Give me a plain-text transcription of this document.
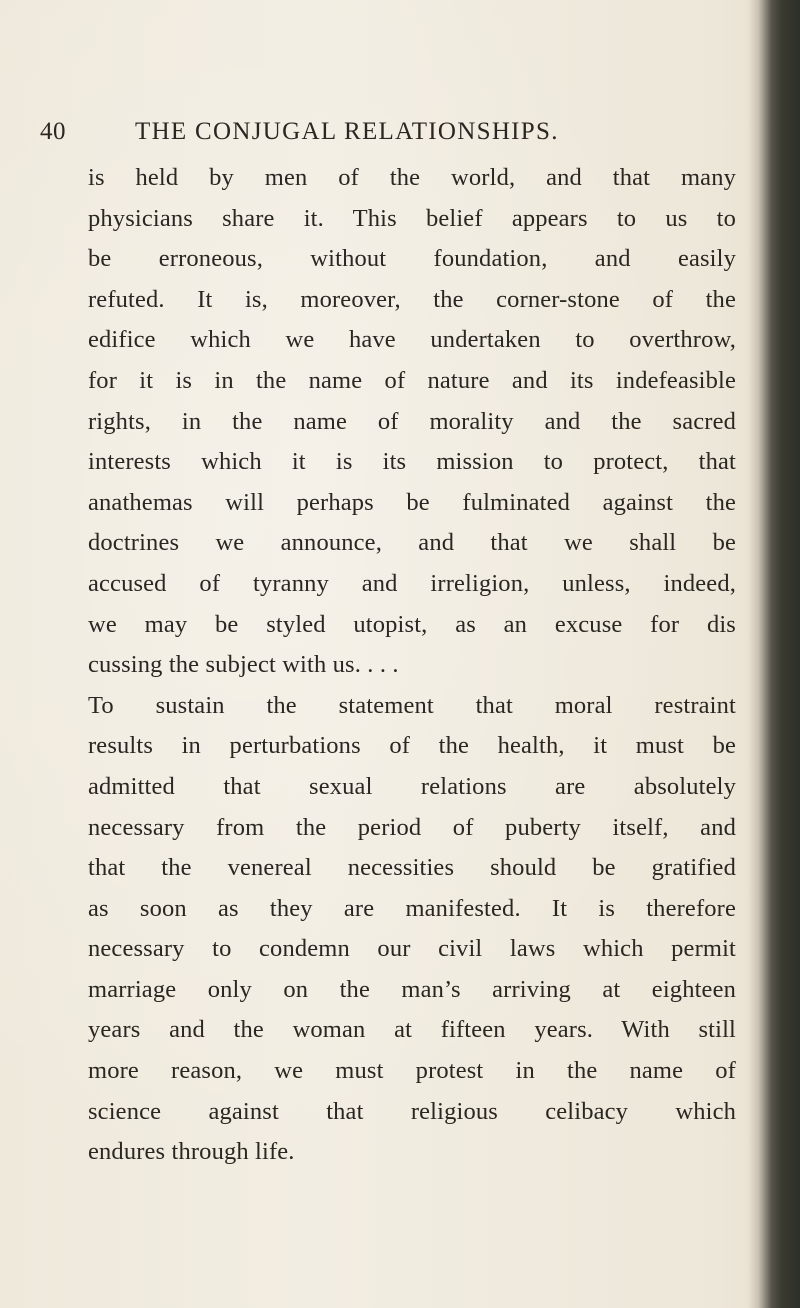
40	THE CONJUGAL RELATIONSHIPS.
is held by men of the world, and that many
physicians share it. This belief appears to us to
be erroneous, without foundation, and easily
refuted. It is, moreover, the corner-stone of the
edifice which we have undertaken to overthrow,
for it is in the name of nature and its indefeasible
rights, in the name of morality and the sacred
interests which it is its mission to protect, that
anathemas will perhaps be fulminated against the
doctrines we announce, and that we shall be
accused of tyranny and irreligion, unless, indeed,
we may be styled utopist, as an excuse for dis
cussing the subject with us. . . .
To sustain the statement that moral restraint
results in perturbations of the health, it must be
admitted that sexual relations are absolutely
necessary from the period of puberty itself, and
that the venereal necessities should be gratified
as soon as they are manifested. It is therefore
necessary to condemn our civil laws which permit
marriage only on the man’s arriving at eighteen
years and the woman at fifteen years. With still
more reason, we must protest in the name of
science against that religious celibacy which
endures through life.
